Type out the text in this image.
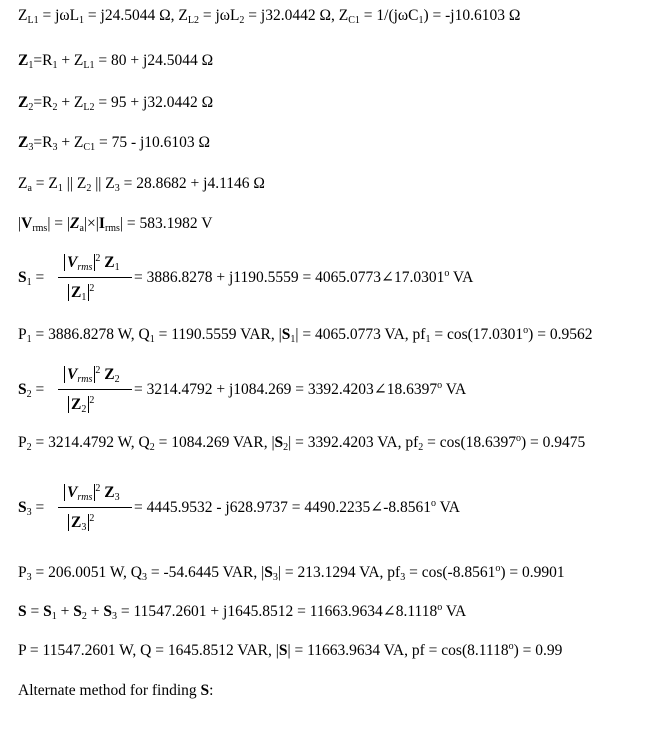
$Z_{L1} = j\omega L_1 = j24.5044$ Ω, $Z_{L2} = j\omega L_2 = j32.0442$ Ω, $Z_{C1} = 1/(j\omega C_1) = -j10.6103$ Ω
$Z_1=R_1 + Z_{L1} = 80 + j24.5044$ Ω
$Z_2=R_2 + Z_{L2} = 95 + j32.0442$ Ω
$Z_3=R_3 + Z_{C1} = 75 - j10.6103$ Ω
$Z_a = Z_1$ || $Z_2$ || $Z_3 = 28.8682 + j4.1146$ Ω
$|V_{rms}| = |Z_a|\times|I_{rms}| = 583.1982$ V
$S_1$ =
$V_{rms}^2$ $Z_1$
$Z_1^2$
= $3886.8278 + j1190.5559 = 4065.0773\angle 17.0301^o$ VA
$P_1 = 3886.8278$ W, $Q_1 = 1190.5559$ VAR, $|S_1| = 4065.0773$ VA, $pf_1 = \cos(17.0301^o) = 0.9562$
$S_2$ =
$V_{rms}^2$ $Z_2$
$Z_2^2$
= $3214.4792 + j1084.269 = 3392.4203\angle 18.6397^o$ VA
$P_2 = 3214.4792$ W, $Q_2 = 1084.269$ VAR, $|S_2| = 3392.4203$ VA, $pf_2 = \cos(18.6397^o) = 0.9475$
$S_3$ =
$V_{rms}^2$ $Z_3$
$Z_3^2$
= $4445.9532 - j628.9737 = 4490.2235\angle-8.8561^o$ VA
$P_3 = 206.0051$ W, $Q_3 = -54.6445$ VAR, $|S_3| = 213.1294$ VA, $pf_3 = \cos(-8.8561^o) = 0.9901$
$S = S_1 + S_2 + S_3 = 11547.2601 + j1645.8512$ = $11663.9634\angle 8.1118^o$ VA
P = 11547.2601 W, Q = 1645.8512 VAR, |S| = 11663.9634 VA, pf = $\cos(8.1118^o) = 0.99$
Alternate method for finding S:
